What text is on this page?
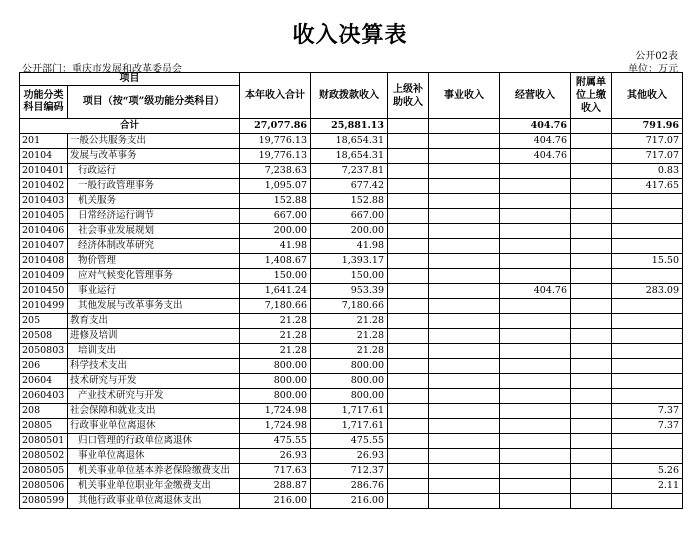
收入决算表
公开02表
公开部门：重庆市发展和改革委员会	单位：万元
项目		本年收入合计	财政拨款收入	上级补助收入	事业收入	经营收入	附属单位上缴收入	其他收入
功能分类科目编码	项目（按“项”级功能分类科目）							
合计		27,077.86	25,881.13			404.76		791.96
201	一般公共服务支出	19,776.13	18,654.31			404.76		717.07
20104	发展与改革事务	19,776.13	18,654.31			404.76		717.07
2010401	行政运行	7,238.63	7,237.81					0.83
2010402	一般行政管理事务	1,095.07	677.42					417.65
2010403	机关服务	152.88	152.88					
2010405	日常经济运行调节	667.00	667.00					
2010406	社会事业发展规划	200.00	200.00					
2010407	经济体制改革研究	41.98	41.98					
2010408	物价管理	1,408.67	1,393.17					15.50
2010409	应对气候变化管理事务	150.00	150.00					
2010450	事业运行	1,641.24	953.39			404.76		283.09
2010499	其他发展与改革事务支出	7,180.66	7,180.66					
205	教育支出	21.28	21.28					
20508	进修及培训	21.28	21.28					
2050803	培训支出	21.28	21.28					
206	科学技术支出	800.00	800.00					
20604	技术研究与开发	800.00	800.00					
2060403	产业技术研究与开发	800.00	800.00					
208	社会保障和就业支出	1,724.98	1,717.61					7.37
20805	行政事业单位离退休	1,724.98	1,717.61					7.37
2080501	归口管理的行政单位离退休	475.55	475.55					
2080502	事业单位离退休	26.93	26.93					
2080505	机关事业单位基本养老保险缴费支出	717.63	712.37					5.26
2080506	机关事业单位职业年金缴费支出	288.87	286.76					2.11
2080599	其他行政事业单位离退休支出	216.00	216.00					
